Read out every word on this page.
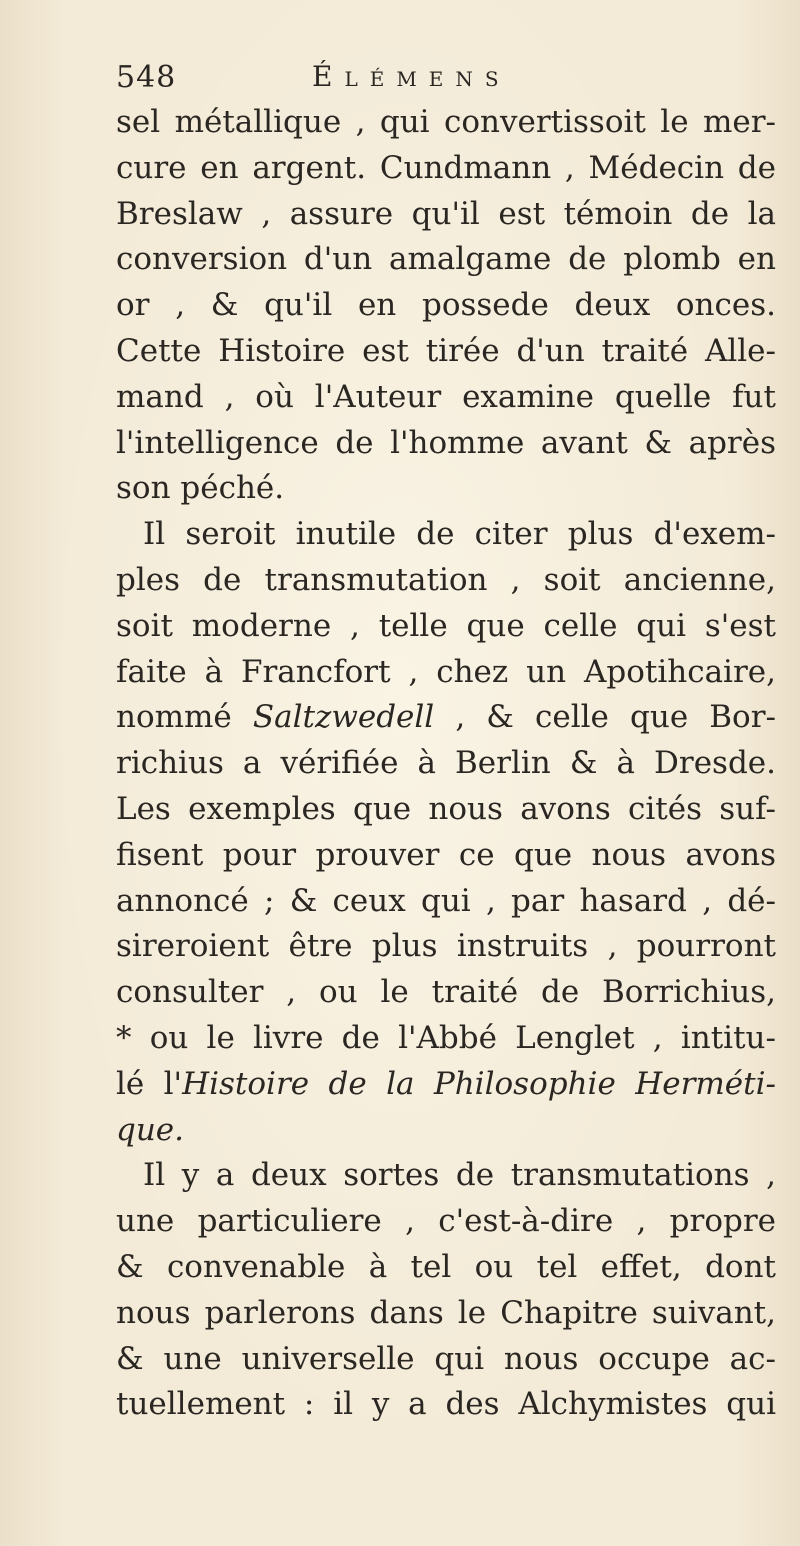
548	Élémens
sel métallique , qui convertissoit le mer-
cure en argent. Cundmann , Médecin de
Breslaw , assure qu'il est témoin de la
conversion d'un amalgame de plomb en
or , & qu'il en possede deux onces.
Cette Histoire est tirée d'un traité Alle-
mand , où l'Auteur examine quelle fut
l'intelligence de l'homme avant & après
son péché.
Il seroit inutile de citer plus d'exem-
ples de transmutation , soit ancienne,
soit moderne , telle que celle qui s'est
faite à Francfort , chez un Apotihcaire,
nommé Saltzwedell , & celle que Bor-
richius a vérifiée à Berlin & à Dresde.
Les exemples que nous avons cités suf-
fisent pour prouver ce que nous avons
annoncé ; & ceux qui , par hasard , dé-
sireroient être plus instruits , pourront
consulter , ou le traité de Borrichius,
* ou le livre de l'Abbé Lenglet , intitu-
lé l'Histoire de la Philosophie Herméti-
que.
Il y a deux sortes de transmutations ,
une particuliere , c'est-à-dire , propre
& convenable à tel ou tel effet, dont
nous parlerons dans le Chapitre suivant,
& une universelle qui nous occupe ac-
tuellement : il y a des Alchymistes qui
